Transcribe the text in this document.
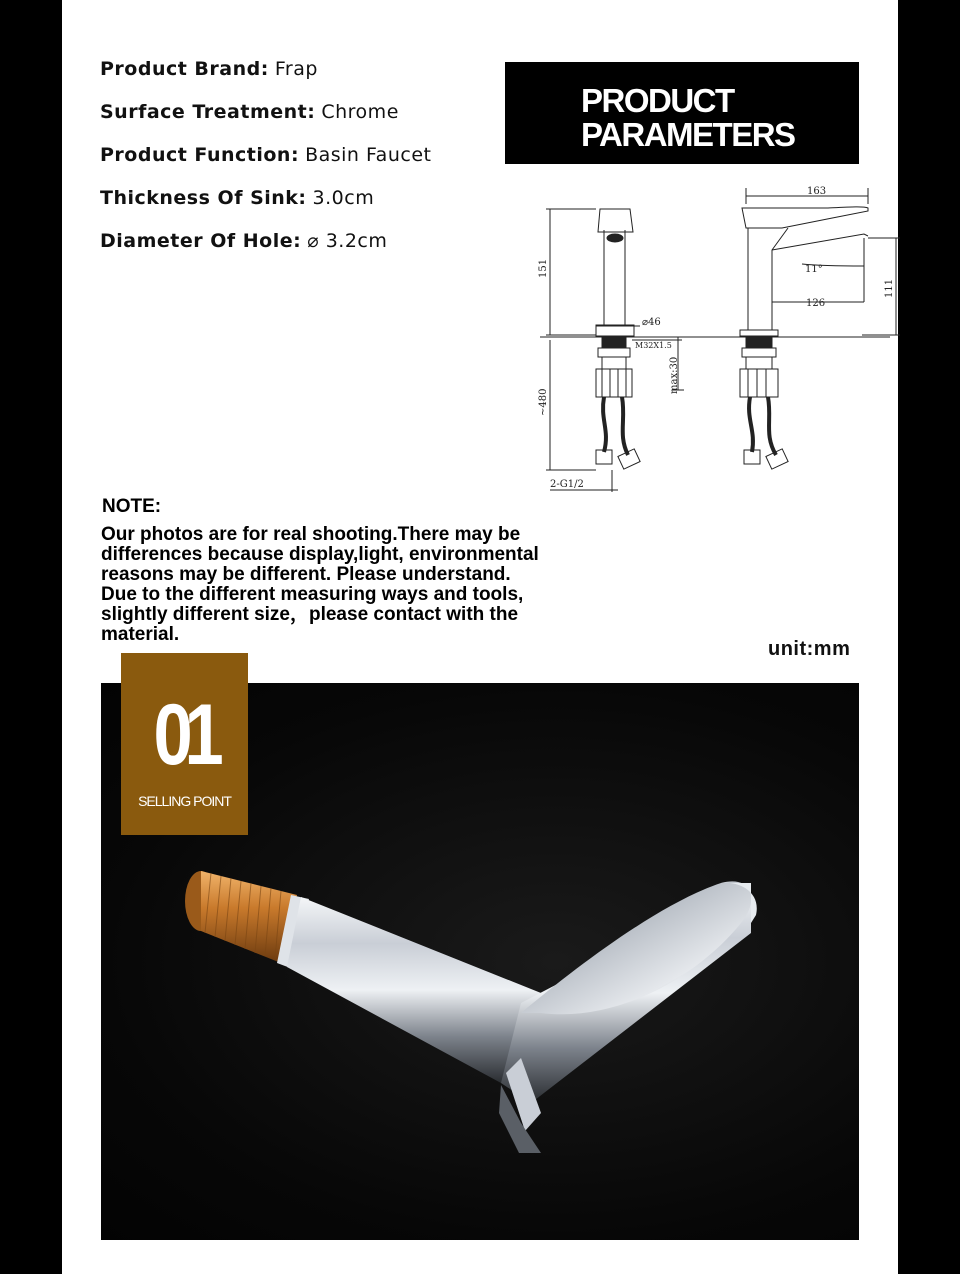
Product Brand: Frap
Surface Treatment: Chrome
Product Function: Basin Faucet
Thickness Of Sink: 3.0cm
Diameter Of Hole: ⌀ 3.2cm
PRODUCT
PARAMETERS
163
151
⌀46
M32X1.5
max:30
~480
2-G1/2
11°
126
111
NOTE:
Our photos are for real shooting.There may be
differences because display,light, environmental
reasons may be different. Please understand.
Due to the different measuring ways and tools,
slightly different size，please contact with the
material.
unit:mm
01
SELLING POINT
